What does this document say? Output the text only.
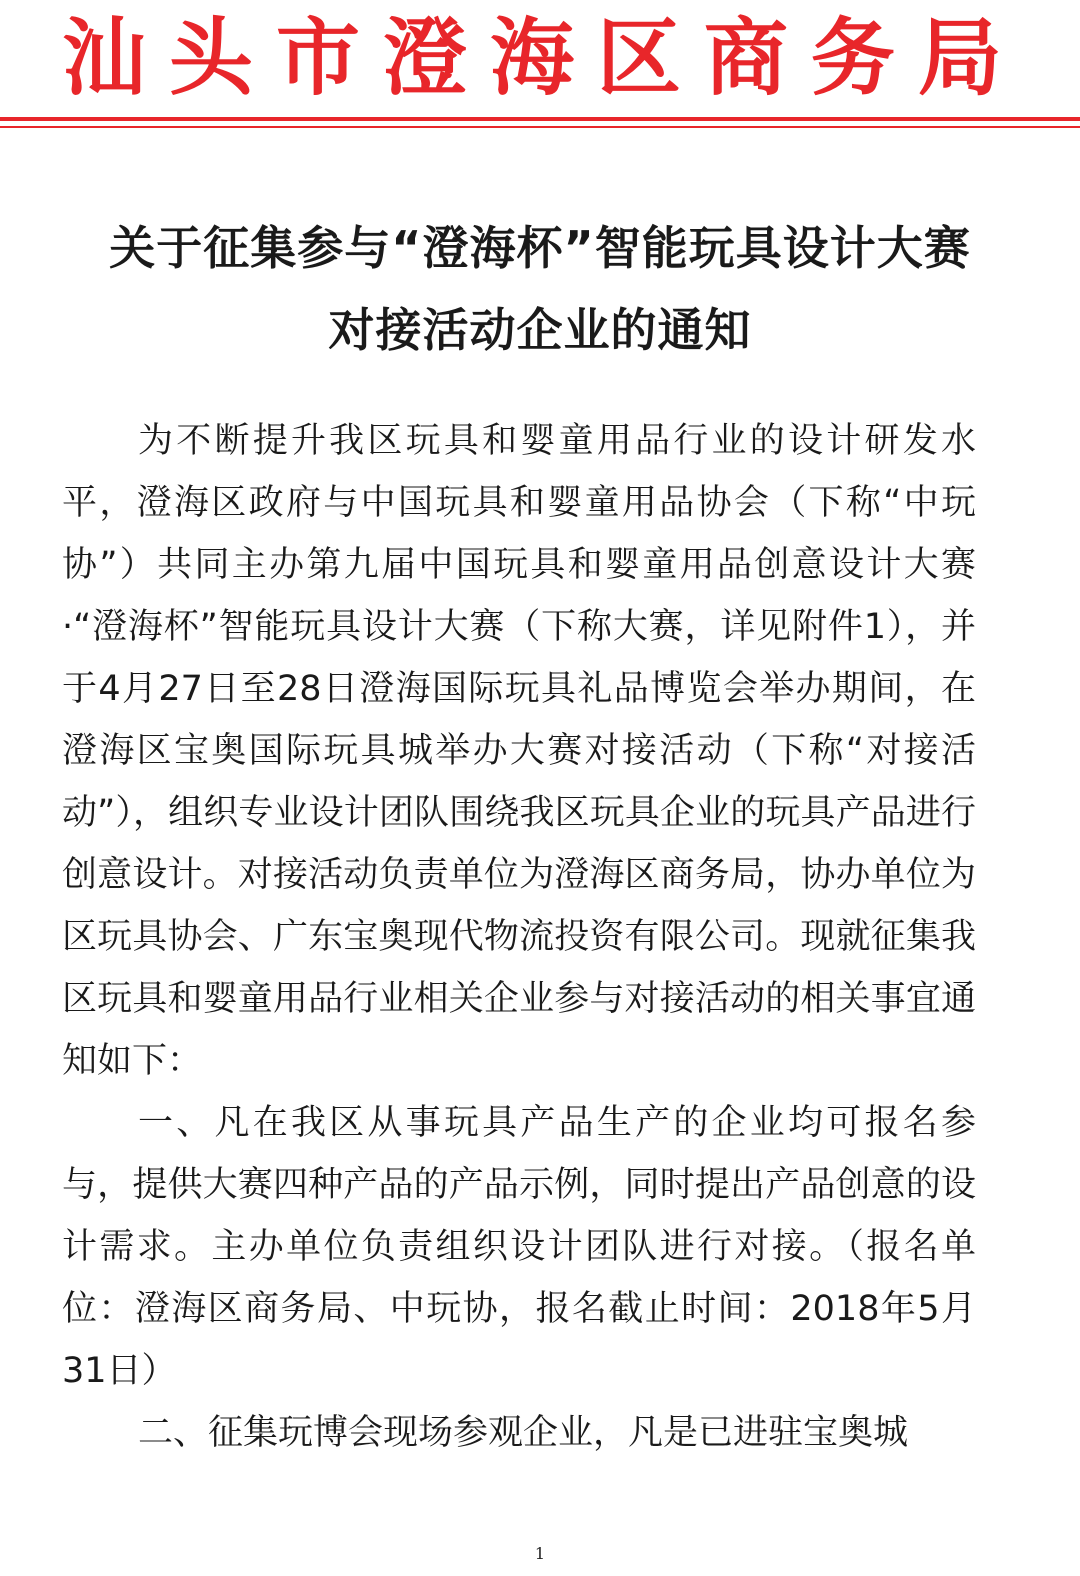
汕 头 市 澄 海 区 商 务 局
关于征集参与“澄海杯”智能玩具设计大赛
对接活动企业的通知

为不断提升我区玩具和婴童用品行业的设计研发水平，澄海区政府与中国玩具和婴童用品协会（下称“中玩协”）共同主办第九届中国玩具和婴童用品创意设计大赛·“澄海杯”智能玩具设计大赛（下称大赛，详见附件1），并于4月27日至28日澄海国际玩具礼品博览会举办期间，在澄海区宝奥国际玩具城举办大赛对接活动（下称“对接活动”），组织专业设计团队围绕我区玩具企业的玩具产品进行创意设计。对接活动负责单位为澄海区商务局，协办单位为区玩具协会、广东宝奥现代物流投资有限公司。现就征集我区玩具和婴童用品行业相关企业参与对接活动的相关事宜通知如下：

一、凡在我区从事玩具产品生产的企业均可报名参与，提供大赛四种产品的产品示例，同时提出产品创意的设计需求。主办单位负责组织设计团队进行对接。（报名单位：澄海区商务局、中玩协，报名截止时间：2018年5月31日）

二、征集玩博会现场参观企业，凡是已进驻宝奥城

1
